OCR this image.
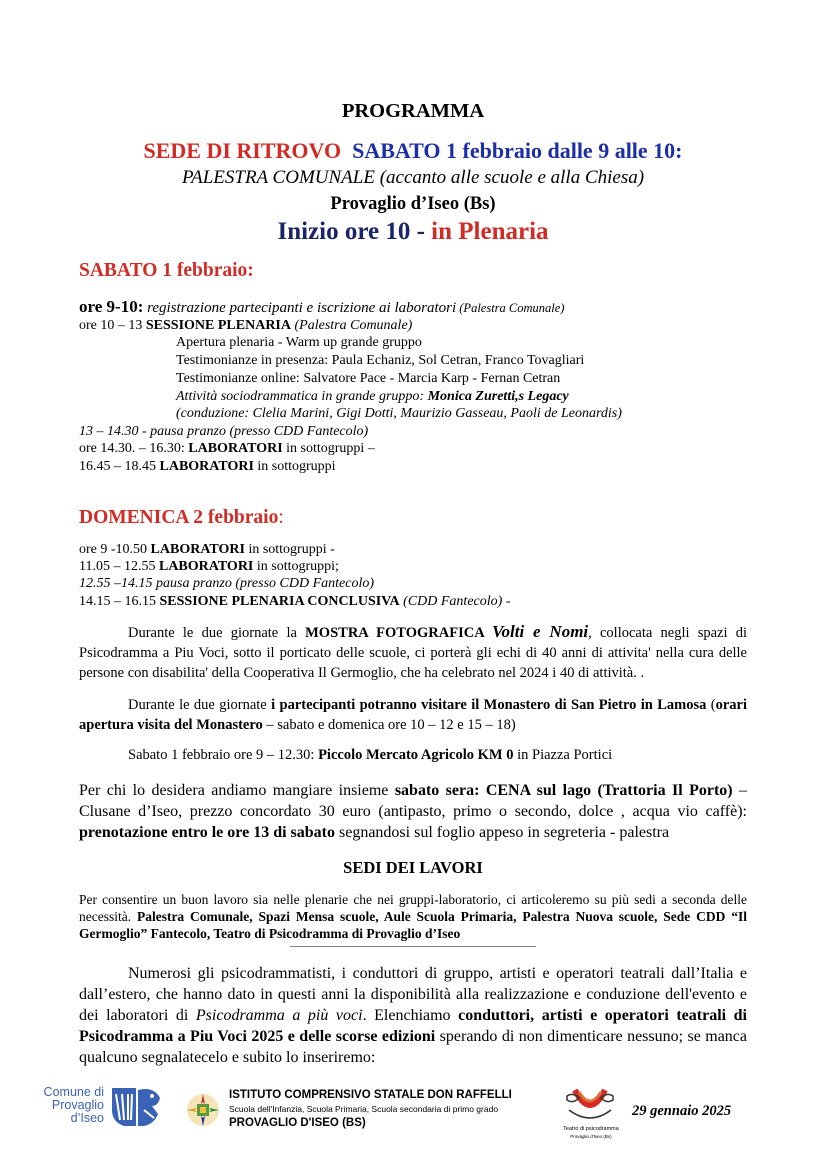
PROGRAMMA
SEDE DI RITROVO SABATO 1 febbraio dalle 9 alle 10:
PALESTRA COMUNALE (accanto alle scuole e alla Chiesa)
Provaglio d’Iseo (Bs)
Inizio ore 10 - in Plenaria
SABATO 1 febbraio:
ore 9-10: registrazione partecipanti e iscrizione ai laboratori (Palestra Comunale)
ore 10 – 13 SESSIONE PLENARIA (Palestra Comunale)
Apertura plenaria - Warm up grande gruppo
Testimonianze in presenza: Paula Echaniz, Sol Cetran, Franco Tovagliari
Testimonianze online: Salvatore Pace - Marcia Karp - Fernan Cetran
Attività sociodrammatica in grande gruppo: Monica Zuretti,s Legacy
(conduzione: Clelia Marini, Gigi Dotti, Maurizio Gasseau, Paoli de Leonardis)
13 – 14.30 - pausa pranzo (presso CDD Fantecolo)
ore 14.30. – 16.30: LABORATORI in sottogruppi –
16.45 – 18.45 LABORATORI in sottogruppi
DOMENICA 2 febbraio:
ore 9 -10.50 LABORATORI in sottogruppi -
11.05 – 12.55 LABORATORI in sottogruppi;
12.55 –14.15 pausa pranzo (presso CDD Fantecolo)
14.15 – 16.15 SESSIONE PLENARIA CONCLUSIVA (CDD Fantecolo) -
Durante le due giornate la MOSTRA FOTOGRAFICA Volti e Nomi, collocata negli spazi di Psicodramma a Piu Voci, sotto il porticato delle scuole, ci porterà gli echi di 40 anni di attivita' nella cura delle persone con disabilita' della Cooperativa Il Germoglio, che ha celebrato nel 2024 i 40 di attività. .
Durante le due giornate i partecipanti potranno visitare il Monastero di San Pietro in Lamosa (orari apertura visita del Monastero – sabato e domenica ore 10 – 12 e 15 – 18)
Sabato 1 febbraio ore 9 – 12.30: Piccolo Mercato Agricolo KM 0 in Piazza Portici
Per chi lo desidera andiamo mangiare insieme sabato sera: CENA sul lago (Trattoria Il Porto) – Clusane d’Iseo, prezzo concordato 30 euro (antipasto, primo o secondo, dolce , acqua vio caffè): prenotazione entro le ore 13 di sabato segnandosi sul foglio appeso in segreteria - palestra
SEDI DEI LAVORI
Per consentire un buon lavoro sia nelle plenarie che nei gruppi-laboratorio, ci articoleremo su più sedi a seconda delle necessità. Palestra Comunale, Spazi Mensa scuole, Aule Scuola Primaria, Palestra Nuova scuole, Sede CDD “Il Germoglio” Fantecolo, Teatro di Psicodramma di Provaglio d’Iseo
Numerosi gli psicodrammatisti, i conduttori di gruppo, artisti e operatori teatrali dall’Italia e dall’estero, che hanno dato in questi anni la disponibilità alla realizzazione e conduzione dell'evento e dei laboratori di Psicodramma a più voci. Elenchiamo conduttori, artisti e operatori teatrali di Psicodramma a Piu Voci 2025 e delle scorse edizioni sperando di non dimenticare nessuno; se manca qualcuno segnalatecelo e subito lo inseriremo:
Comune di
Provaglio
d’Iseo
ISTITUTO COMPRENSIVO STATALE DON RAFFELLI
Scuola dell'Infanzia, Scuola Primaria, Scuola secondaria di primo grado
PROVAGLIO D'ISEO (BS)	Teatro di psicodramma
Provaglio d'Iseo (Bs)
29 gennaio 2025
